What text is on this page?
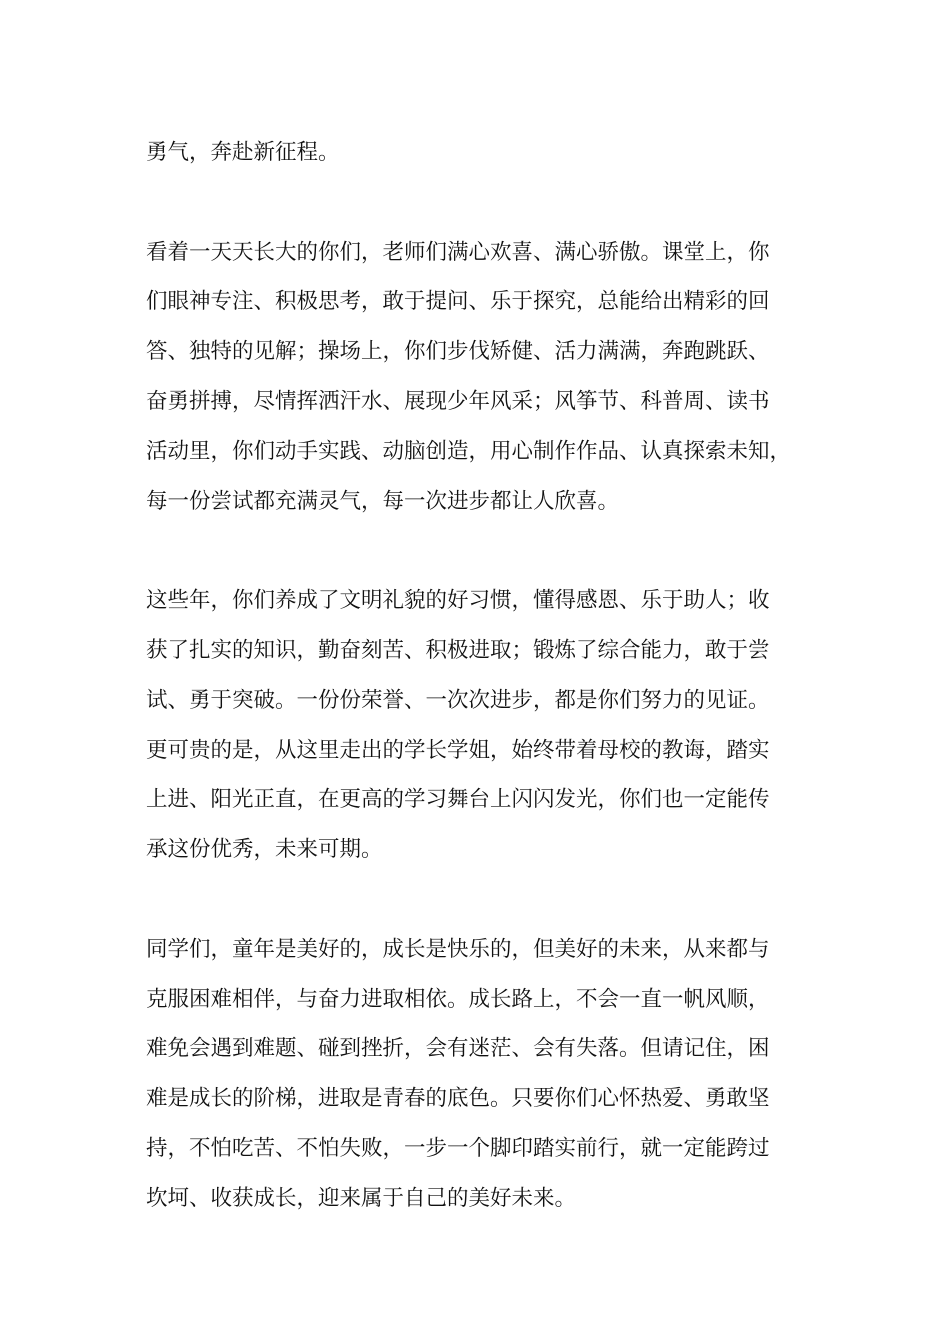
勇气，奔赴新征程。
看着一天天长大的你们，老师们满心欢喜、满心骄傲。课堂上，你
们眼神专注、积极思考，敢于提问、乐于探究，总能给出精彩的回
答、独特的见解；操场上，你们步伐矫健、活力满满，奔跑跳跃、
奋勇拼搏，尽情挥洒汗水、展现少年风采；风筝节、科普周、读书
活动里，你们动手实践、动脑创造，用心制作作品、认真探索未知，
每一份尝试都充满灵气，每一次进步都让人欣喜。
这些年，你们养成了文明礼貌的好习惯，懂得感恩、乐于助人；收
获了扎实的知识，勤奋刻苦、积极进取；锻炼了综合能力，敢于尝
试、勇于突破。一份份荣誉、一次次进步，都是你们努力的见证。
更可贵的是，从这里走出的学长学姐，始终带着母校的教诲，踏实
上进、阳光正直，在更高的学习舞台上闪闪发光，你们也一定能传
承这份优秀，未来可期。
同学们，童年是美好的，成长是快乐的，但美好的未来，从来都与
克服困难相伴，与奋力进取相依。成长路上，不会一直一帆风顺，
难免会遇到难题、碰到挫折，会有迷茫、会有失落。但请记住，困
难是成长的阶梯，进取是青春的底色。只要你们心怀热爱、勇敢坚
持，不怕吃苦、不怕失败，一步一个脚印踏实前行，就一定能跨过
坎坷、收获成长，迎来属于自己的美好未来。
